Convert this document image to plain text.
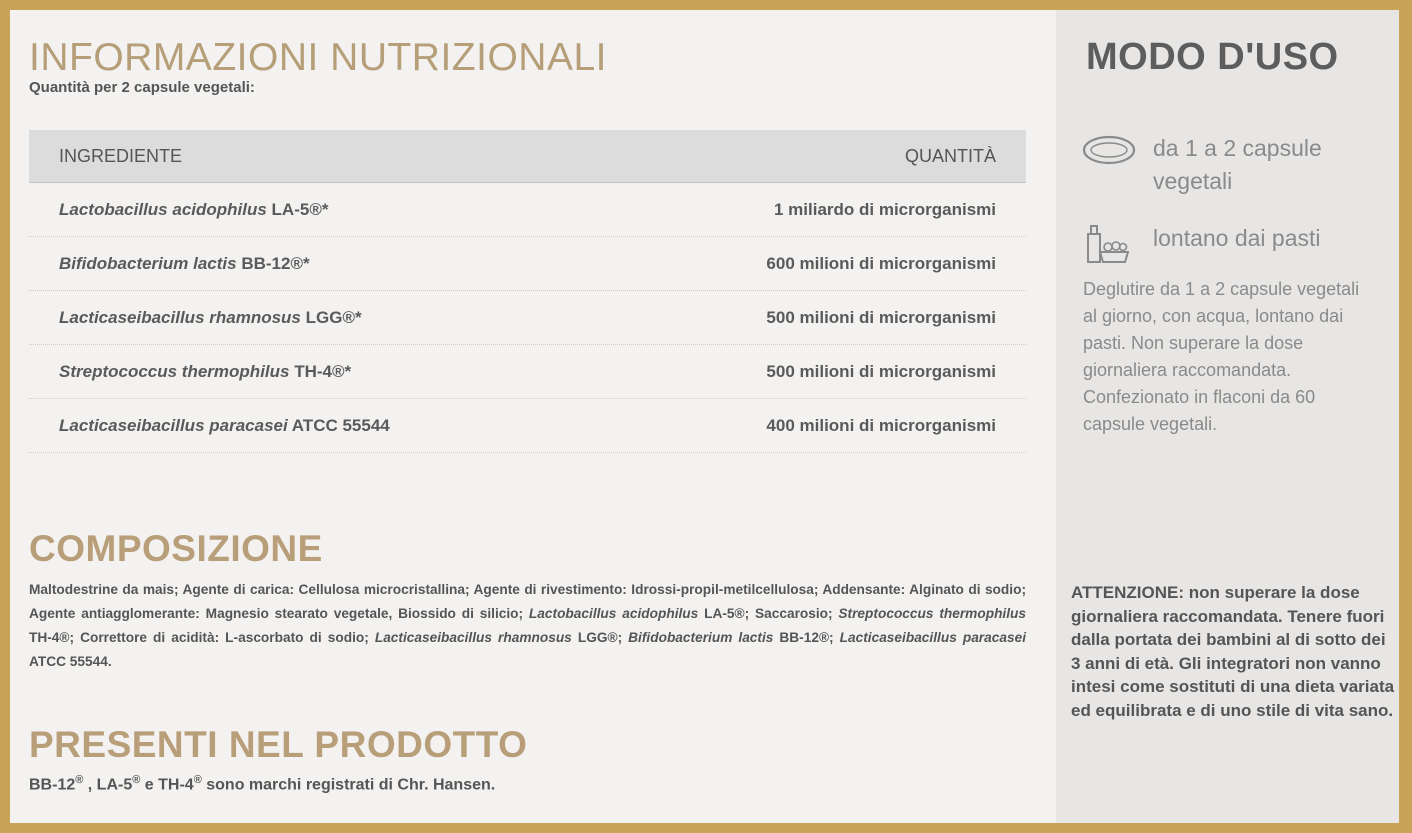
INFORMAZIONI NUTRIZIONALI
Quantità per 2 capsule vegetali:
INGREDIENTE	QUANTITÀ
Lactobacillus acidophilus LA-5®*	1 miliardo di microrganismi
Bifidobacterium lactis BB-12®*	600 milioni di microrganismi
Lacticaseibacillus rhamnosus LGG®*	500 milioni di microrganismi
Streptococcus thermophilus TH-4®*	500 milioni di microrganismi
Lacticaseibacillus paracasei ATCC 55544	400 milioni di microrganismi
COMPOSIZIONE

Maltodestrine da mais; Agente di carica: Cellulosa microcristallina; Agente di rivestimento: Idrossi-propil-metilcellulosa; Addensante: Alginato di sodio; Agente antiagglomerante: Magnesio stearato vegetale, Biossido di silicio; Lactobacillus acidophilus LA-5®; Saccarosio; Streptococcus thermophilus TH-4®; Correttore di acidità: L-ascorbato di sodio; Lacticaseibacillus rhamnosus LGG®; Bifidobacterium lactis BB-12®; Lacticaseibacillus paracasei ATCC 55544.

PRESENTI NEL PRODOTTO
BB-12® , LA-5® e TH-4® sono marchi registrati di Chr. Hansen.
MODO D'USO
da 1 a 2 capsule vegetali
lontano dai pasti

Deglutire da 1 a 2 capsule vegetali al giorno, con acqua, lontano dai pasti. Non superare la dose giornaliera raccomandata. Confezionato in flaconi da 60 capsule vegetali.

ATTENZIONE: non superare la dose giornaliera raccomandata. Tenere fuori dalla portata dei bambini al di sotto dei 3 anni di età. Gli integratori non vanno intesi come sostituti di una dieta variata ed equilibrata e di uno stile di vita sano.
